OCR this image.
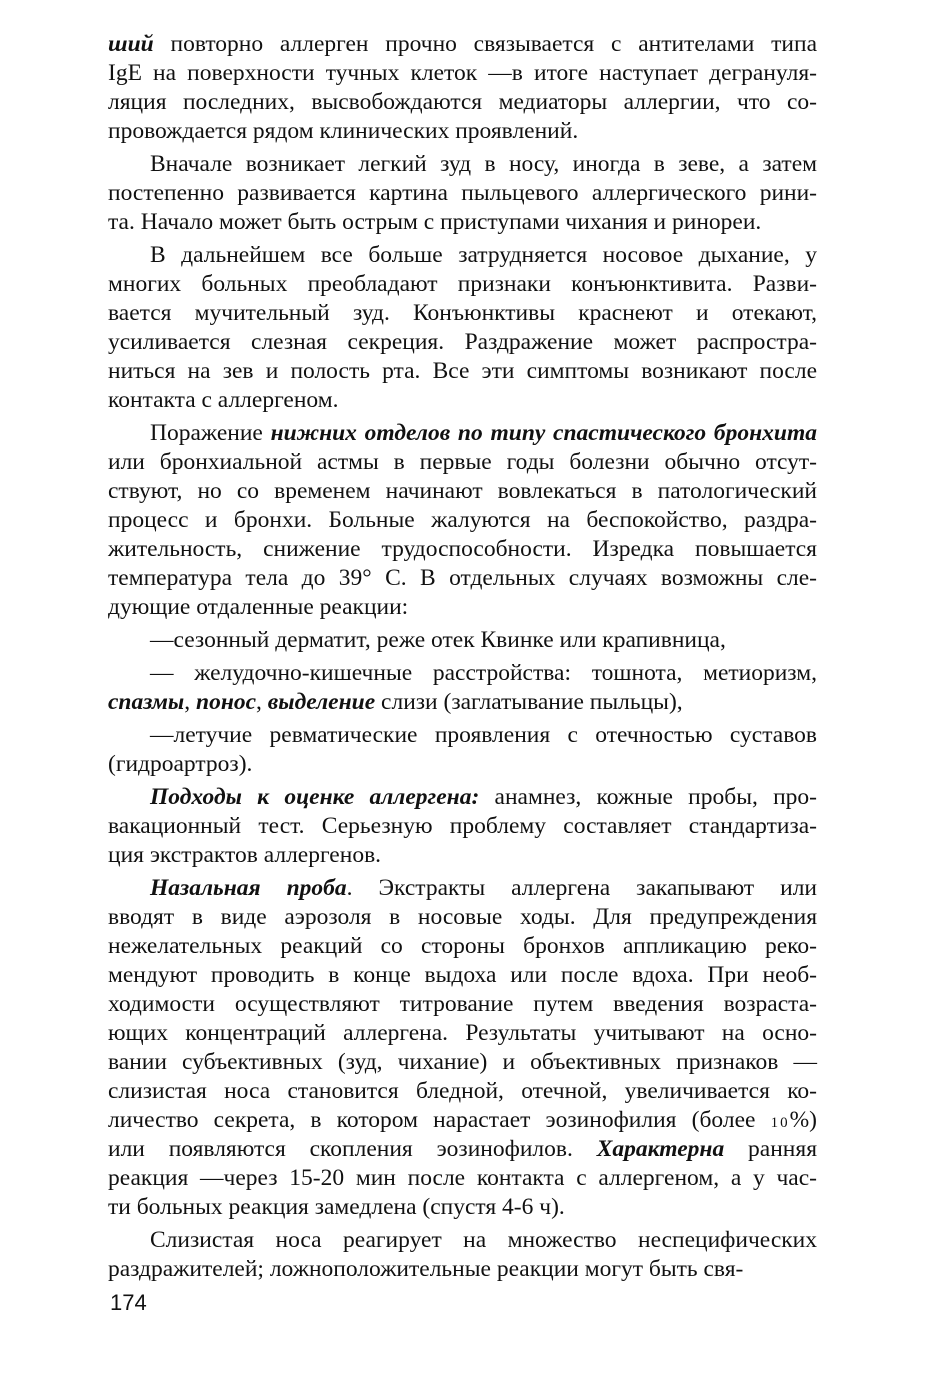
ший повторно аллерген прочно связывается с антителами типа
IgE на поверхности тучных клеток —в итоге наступает дегрануля-
ляция последних, высвобождаются медиаторы аллергии, что со-
провождается рядом клинических проявлений.
Вначале возникает легкий зуд в носу, иногда в зеве, а затем
постепенно развивается картина пыльцевого аллергического рини-
та. Начало может быть острым с приступами чихания и ринореи.
В дальнейшем все больше затрудняется носовое дыхание, у
многих больных преобладают признаки конъюнктивита. Разви-
вается мучительный зуд. Конъюнктивы краснеют и отекают,
усиливается слезная секреция. Раздражение может распростра-
ниться на зев и полость рта. Все эти симптомы возникают после
контакта с аллергеном.
Поражение нижних отделов по типу спастического бронхита
или бронхиальной астмы в первые годы болезни обычно отсут-
ствуют, но со временем начинают вовлекаться в патологический
процесс и бронхи. Больные жалуются на беспокойство, раздра-
жительность, снижение трудоспособности. Изредка повышается
температура тела до 39° С. В отдельных случаях возможны сле-
дующие отдаленные реакции:
—сезонный дерматит, реже отек Квинке или крапивница,
— желудочно-кишечные расстройства: тошнота, метиоризм,
спазмы, понос, выделение слизи (заглатывание пыльцы),
—летучие ревматические проявления с отечностью суставов
(гидроартроз).
Подходы к оценке аллергена: анамнез, кожные пробы, про-
вакационный тест. Серьезную проблему составляет стандартиза-
ция экстрактов аллергенов.
Назальная проба. Экстракты аллергена закапывают или
вводят в виде аэрозоля в носовые ходы. Для предупреждения
нежелательных реакций со стороны бронхов аппликацию реко-
мендуют проводить в конце выдоха или после вдоха. При необ-
ходимости осуществляют титрование путем введения возраста-
ющих концентраций аллергена. Результаты учитывают на осно-
вании субъективных (зуд, чихание) и объективных признаков —
слизистая носа становится бледной, отечной, увеличивается ко-
личество секрета, в котором нарастает эозинофилия (более 10%)
или появляются скопления эозинофилов. Характерна ранняя
реакция —через 15-20 мин после контакта с аллергеном, а у час-
ти больных реакция замедлена (спустя 4-6 ч).
Слизистая носа реагирует на множество неспецифических
раздражителей; ложноположительные реакции могут быть свя-
174
